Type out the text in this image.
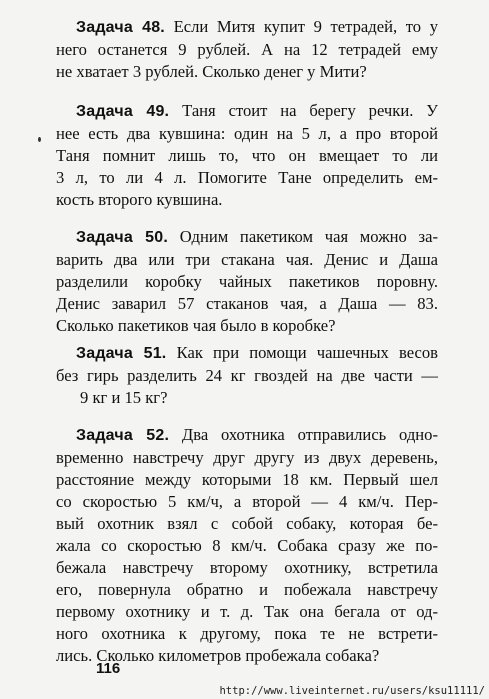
Задача 48. Если Митя купит 9 тетрадей, то у
него останется 9 рублей. А на 12 тетрадей ему
не хватает 3 рублей. Сколько денег у Мити?
Задача 49. Таня стоит на берегу речки. У
нее есть два кувшина: один на 5 л, а про второй
Таня помнит лишь то, что он вмещает то ли
3 л, то ли 4 л. Помогите Тане определить ем-
кость второго кувшина.
Задача 50. Одним пакетиком чая можно за-
варить два или три стакана чая. Денис и Даша
разделили коробку чайных пакетиков поровну.
Денис заварил 57 стаканов чая, а Даша — 83.
Сколько пакетиков чая было в коробке?
Задача 51. Как при помощи чашечных весов
без гирь разделить 24 кг гвоздей на две части —
9 кг и 15 кг?
Задача 52. Два охотника отправились одно-
временно навстречу друг другу из двух деревень,
расстояние между которыми 18 км. Первый шел
со скоростью 5 км/ч, а второй — 4 км/ч. Пер-
вый охотник взял с собой собаку, которая бе-
жала со скоростью 8 км/ч. Собака сразу же по-
бежала навстречу второму охотнику, встретила
его, повернула обратно и побежала навстречу
первому охотнику и т. д. Так она бегала от од-
ного охотника к другому, пока те не встрети-
лись. Сколько километров пробежала собака?
116
http://www.liveinternet.ru/users/ksu11111/
